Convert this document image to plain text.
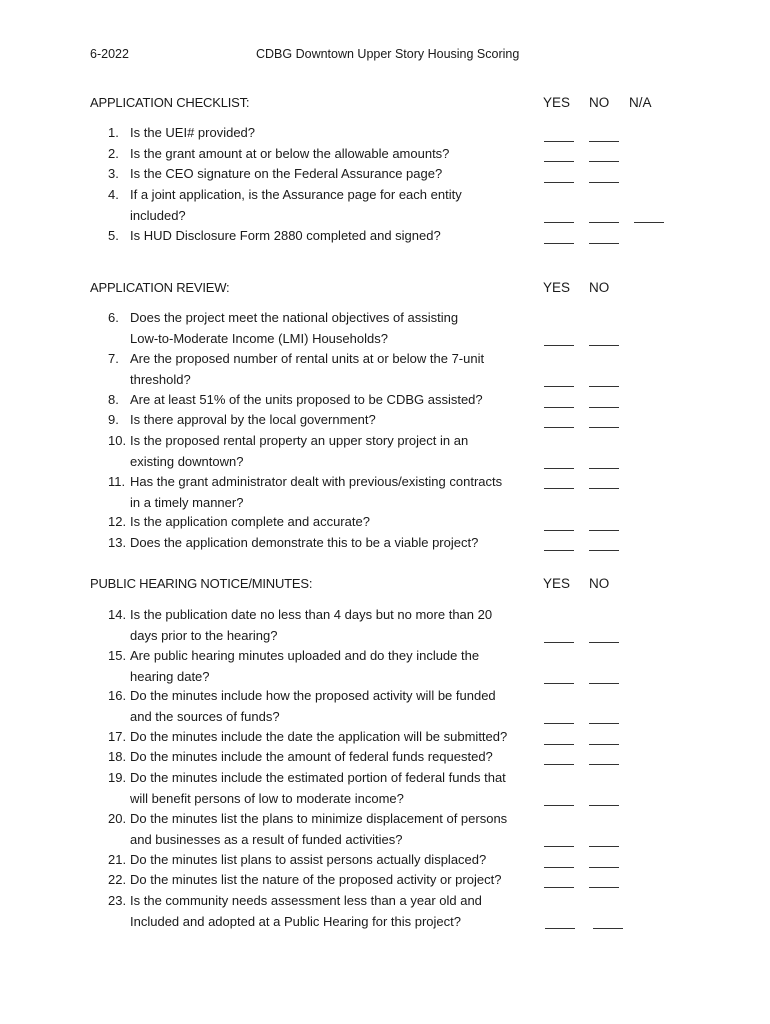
6-2022	CDBG Downtown Upper Story Housing Scoring
APPLICATION CHECKLIST:	YES NO N/A
1. Is the UEI# provided?
2. Is the grant amount at or below the allowable amounts?
3. Is the CEO signature on the Federal Assurance page?
4. If a joint application, is the Assurance page for each entity
included?
5. Is HUD Disclosure Form 2880 completed and signed?
APPLICATION REVIEW:	YES NO
6. Does the project meet the national objectives of assisting
Low-to-Moderate Income (LMI) Households?
7. Are the proposed number of rental units at or below the 7-unit
threshold?
8. Are at least 51% of the units proposed to be CDBG assisted?
9. Is there approval by the local government?
10. Is the proposed rental property an upper story project in an
existing downtown?
11. Has the grant administrator dealt with previous/existing contracts
in a timely manner?
12. Is the application complete and accurate?
13. Does the application demonstrate this to be a viable project?
PUBLIC HEARING NOTICE/MINUTES:	YES NO
14. Is the publication date no less than 4 days but no more than 20
days prior to the hearing?
15. Are public hearing minutes uploaded and do they include the
hearing date?
16. Do the minutes include how the proposed activity will be funded
and the sources of funds?
17. Do the minutes include the date the application will be submitted?
18. Do the minutes include the amount of federal funds requested?
19. Do the minutes include the estimated portion of federal funds that
will benefit persons of low to moderate income?
20. Do the minutes list the plans to minimize displacement of persons
and businesses as a result of funded activities?
21. Do the minutes list plans to assist persons actually displaced?
22. Do the minutes list the nature of the proposed activity or project?
23. Is the community needs assessment less than a year old and
Included and adopted at a Public Hearing for this project?
